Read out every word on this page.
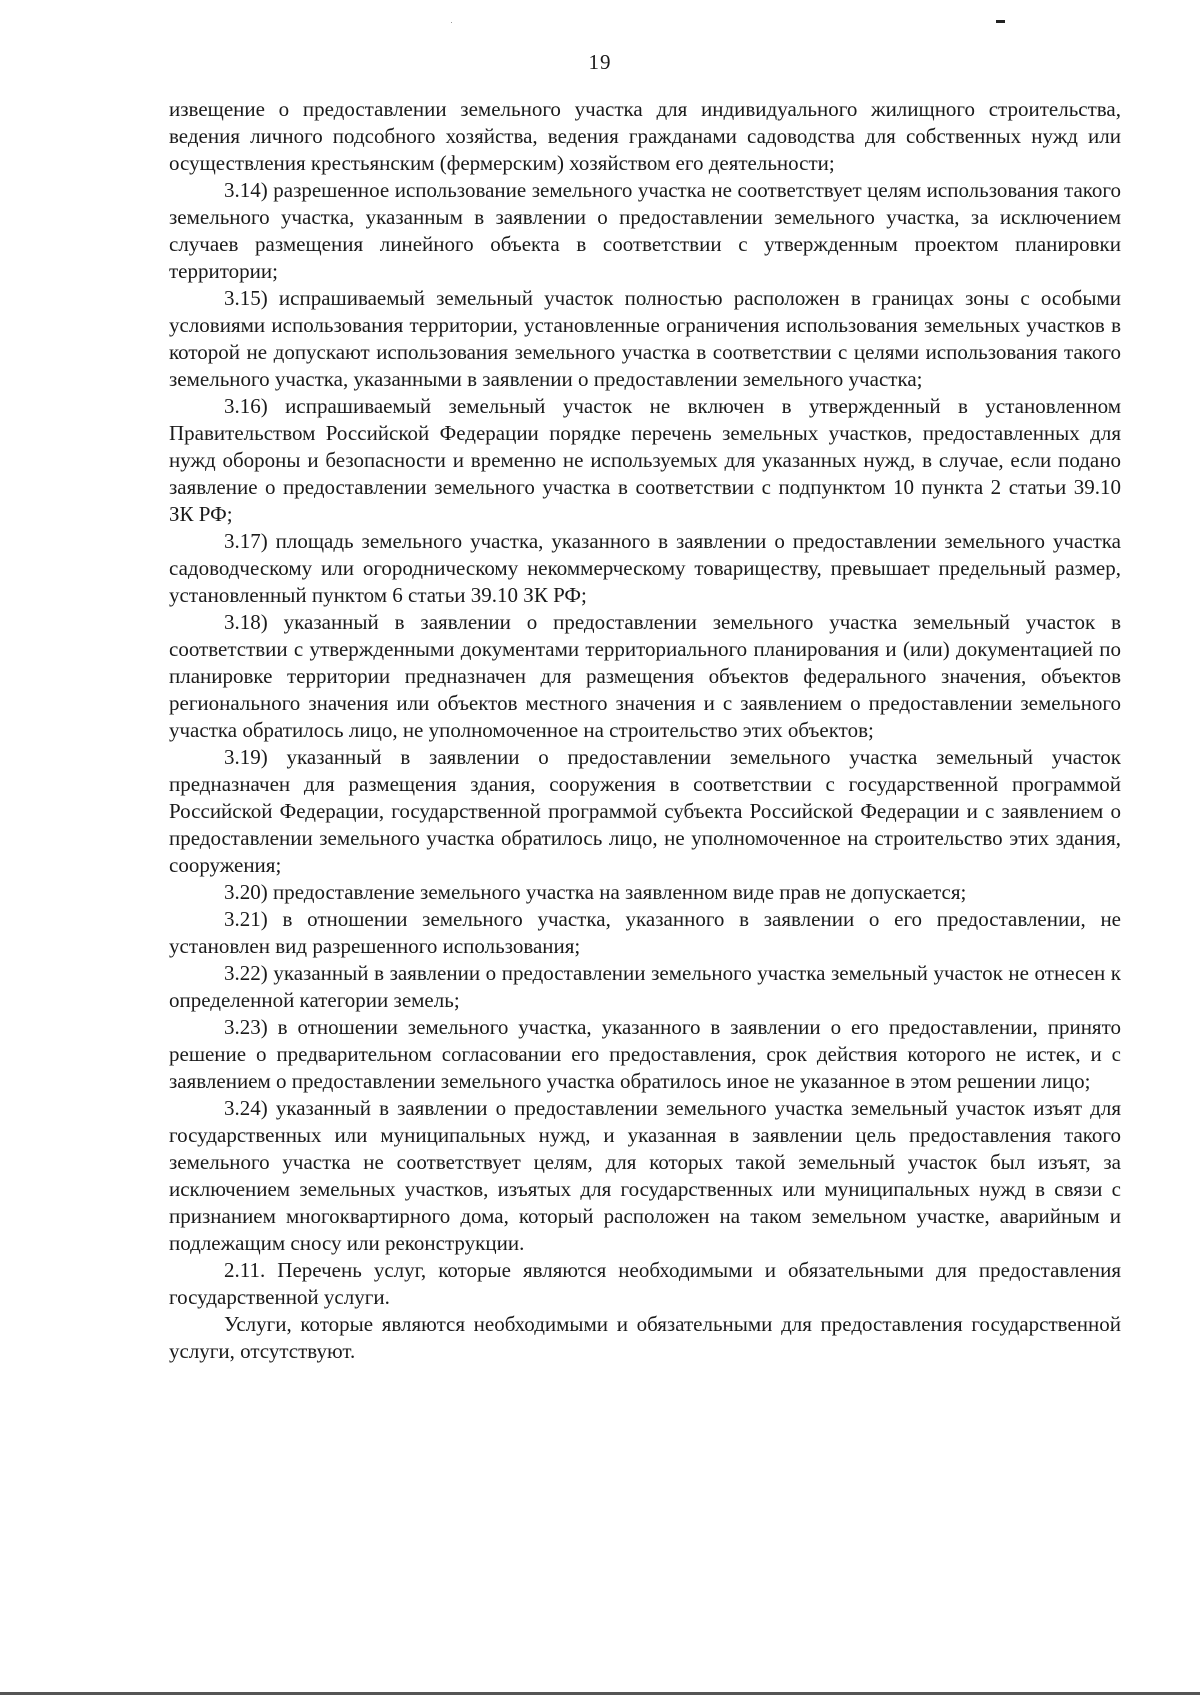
19

извещение о предоставлении земельного участка для индивидуального жилищного строительства, ведения личного подсобного хозяйства, ведения гражданами садоводства для собственных нужд или осуществления крестьянским (фермерским) хозяйством его деятельности;

3.14) разрешенное использование земельного участка не соответствует целям использования такого земельного участка, указанным в заявлении о предоставлении земельного участка, за исключением случаев размещения линейного объекта в соответствии с утвержденным проектом планировки территории;

3.15) испрашиваемый земельный участок полностью расположен в границах зоны с особыми условиями использования территории, установленные ограничения использования земельных участков в которой не допускают использования земельного участка в соответствии с целями использования такого земельного участка, указанными в заявлении о предоставлении земельного участка;

3.16) испрашиваемый земельный участок не включен в утвержденный в установленном Правительством Российской Федерации порядке перечень земельных участков, предоставленных для нужд обороны и безопасности и временно не используемых для указанных нужд, в случае, если подано заявление о предоставлении земельного участка в соответствии с подпунктом 10 пункта 2 статьи 39.10 ЗК РФ;

3.17) площадь земельного участка, указанного в заявлении о предоставлении земельного участка садоводческому или огородническому некоммерческому товариществу, превышает предельный размер, установленный пунктом 6 статьи 39.10 ЗК РФ;

3.18) указанный в заявлении о предоставлении земельного участка земельный участок в соответствии с утвержденными документами территориального планирования и (или) документацией по планировке территории предназначен для размещения объектов федерального значения, объектов регионального значения или объектов местного значения и с заявлением о предоставлении земельного участка обратилось лицо, не уполномоченное на строительство этих объектов;

3.19) указанный в заявлении о предоставлении земельного участка земельный участок предназначен для размещения здания, сооружения в соответствии с государственной программой Российской Федерации, государственной программой субъекта Российской Федерации и с заявлением о предоставлении земельного участка обратилось лицо, не уполномоченное на строительство этих здания, сооружения;

3.20) предоставление земельного участка на заявленном виде прав не допускается;

3.21) в отношении земельного участка, указанного в заявлении о его предоставлении, не установлен вид разрешенного использования;

3.22) указанный в заявлении о предоставлении земельного участка земельный участок не отнесен к определенной категории земель;

3.23) в отношении земельного участка, указанного в заявлении о его предоставлении, принято решение о предварительном согласовании его предоставления, срок действия которого не истек, и с заявлением о предоставлении земельного участка обратилось иное не указанное в этом решении лицо;

3.24) указанный в заявлении о предоставлении земельного участка земельный участок изъят для государственных или муниципальных нужд, и указанная в заявлении цель предоставления такого земельного участка не соответствует целям, для которых такой земельный участок был изъят, за исключением земельных участков, изъятых для государственных или муниципальных нужд в связи с признанием многоквартирного дома, который расположен на таком земельном участке, аварийным и подлежащим сносу или реконструкции.

2.11. Перечень услуг, которые являются необходимыми и обязательными для предоставления государственной услуги.

Услуги, которые являются необходимыми и обязательными для предоставления государственной услуги, отсутствуют.
